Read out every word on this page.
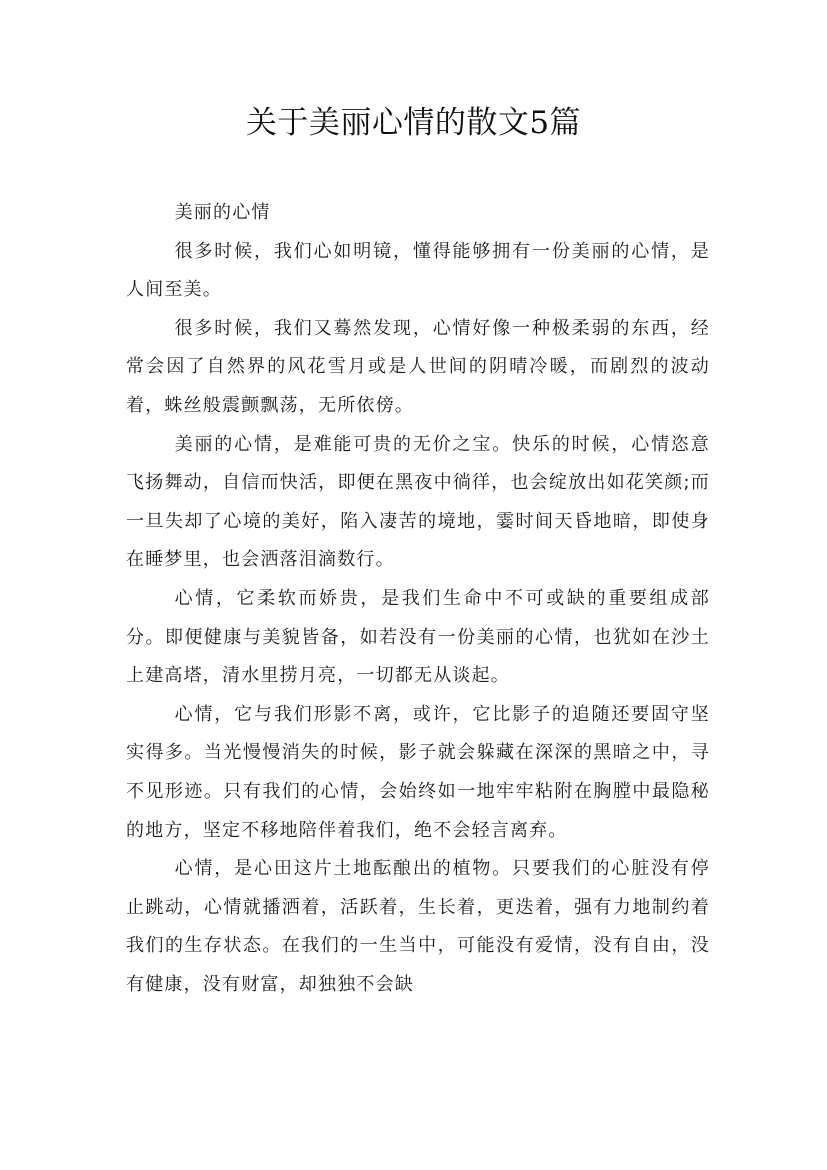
关于美丽心情的散文5篇

美丽的心情

很多时候，我们心如明镜，懂得能够拥有一份美丽的心情，是人间至美。

很多时候，我们又蓦然发现，心情好像一种极柔弱的东西，经常会因了自然界的风花雪月或是人世间的阴晴冷暖，而剧烈的波动着，蛛丝般震颤飘荡，无所依傍。

美丽的心情，是难能可贵的无价之宝。快乐的时候，心情恣意飞扬舞动，自信而快活，即便在黑夜中徜徉，也会绽放出如花笑颜;而一旦失却了心境的美好，陷入凄苦的境地，霎时间天昏地暗，即使身在睡梦里，也会洒落泪滴数行。

心情，它柔软而娇贵，是我们生命中不可或缺的重要组成部分。即便健康与美貌皆备，如若没有一份美丽的心情，也犹如在沙土上建高塔，清水里捞月亮，一切都无从谈起。

心情，它与我们形影不离，或许，它比影子的追随还要固守坚实得多。当光慢慢消失的时候，影子就会躲藏在深深的黑暗之中，寻不见形迹。只有我们的心情，会始终如一地牢牢粘附在胸膛中最隐秘的地方，坚定不移地陪伴着我们，绝不会轻言离弃。

心情，是心田这片土地酝酿出的植物。只要我们的心脏没有停止跳动，心情就播洒着，活跃着，生长着，更迭着，强有力地制约着我们的生存状态。在我们的一生当中，可能没有爱情，没有自由，没有健康，没有财富，却独独不会缺
